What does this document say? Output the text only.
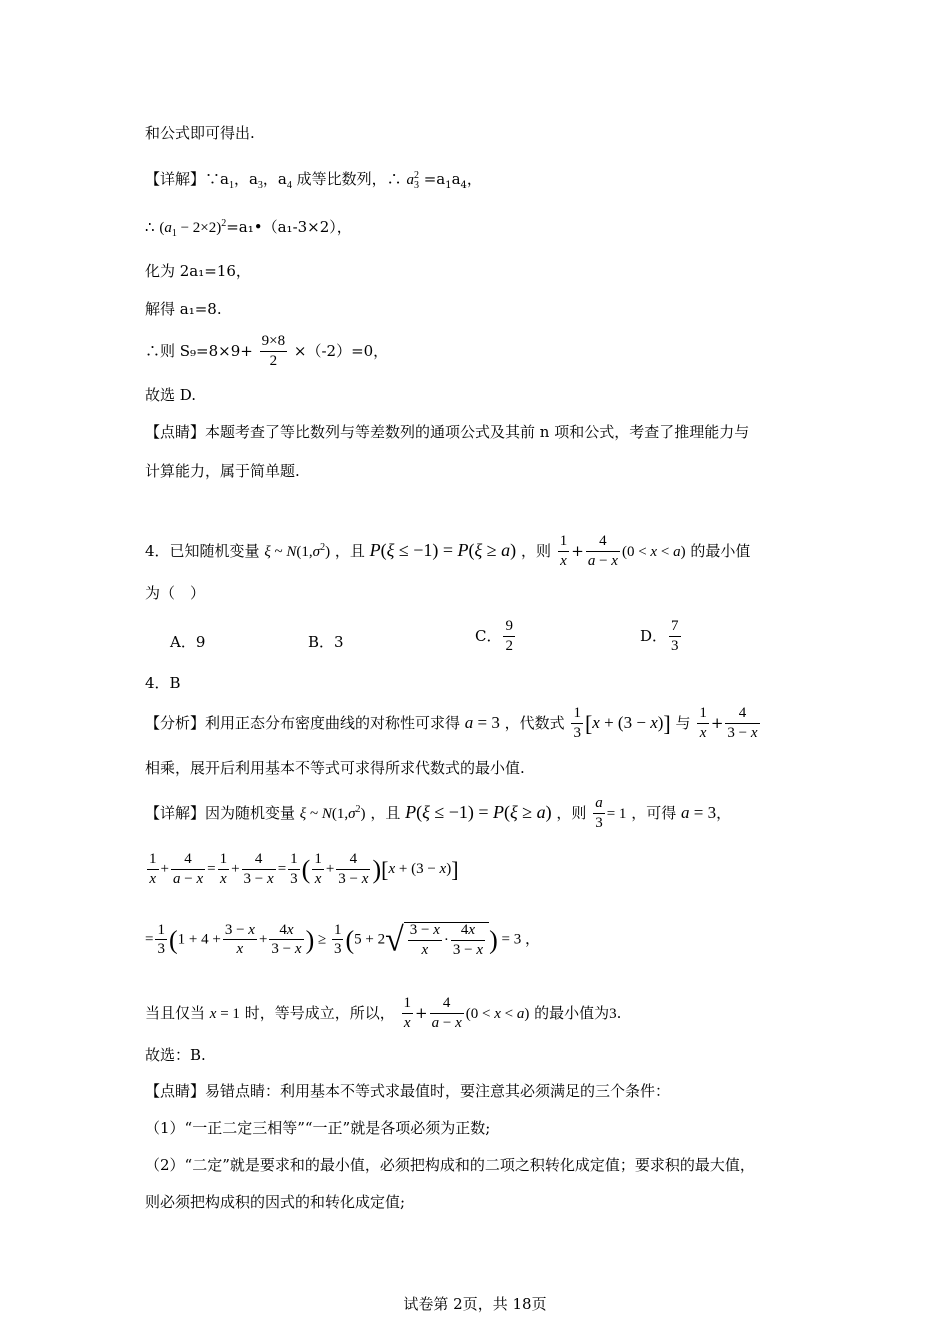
和公式即可得出.
【详解】$\because a_1$，$a_3$，$a_4$ 成等比数列，∴ $a_3^2 =a_1a_4$，
∴ ($a_1$ − $2\times 2)^2=a_1•(a_1-3\times 2)$，
化为 2a₁=16，
解得 a₁=8.
∴则 $S_9=8\times 9+ \frac{9\times 8}{2} \times(-2)=0$，
故选 D.
【点睛】本题考查了等比数列与等差数列的通项公式及其前 n 项和公式，考查了推理能力与
计算能力，属于简单题.
4．已知随机变量 ξ ~ $N(1,\sigma^2)$ ，且 P(ξ ≤ −1) = P(ξ ≥ a) ，则 $\frac{1}{x} + \frac{4}{a - x} (0 < x < a)$ 的最小值
为（　）
A．9	B．3	C． $\frac{9}{2}$	D． $\frac{7}{3}$
4．B
【分析】利用正态分布密度曲线的对称性可求得 a = 3 ，代数式 $\frac{1}{3} [x + (3 - x)]$ 与 $\frac{1}{x} + \frac{4}{3 - x}$
相乘，展开后利用基本不等式可求得所求代数式的最小值.
【详解】因为随机变量 ξ ~ $N(1,\sigma^2)$ ，且 P(ξ ≤ −1) = P(ξ ≥ a) ，则 $\frac{a}{3} = 1$ ，可得 a = 3，
$\frac{1}{x} + \frac{4}{a - x} = \frac{1}{x} + \frac{4}{3 - x} = \frac{1}{3}$ ( $\frac{1}{x} + \frac{4}{3 - x} )[x + (3 - x)]$
= $\frac{1}{3} (1 + 4 + \frac{3 - x}{x} + \frac{4x}{3 - x}$ ) ≥ $\frac{1}{3} (5 + 2√ \frac{3 - x}{x} \cdot \frac{4x}{3 - x}$ ) = 3 ，
当且仅当 x = 1 时，等号成立，所以， $\frac{1}{x} + \frac{4}{a - x} (0 < x < a)$ 的最小值为3.
故选：B.
【点睛】易错点睛：利用基本不等式求最值时，要注意其必须满足的三个条件：
（1）“一正二定三相等”“一正”就是各项必须为正数;
（2）“二定”就是要求和的最小值，必须把构成和的二项之积转化成定值；要求积的最大值，
则必须把构成积的因式的和转化成定值;
试卷第 2页，共 18页
